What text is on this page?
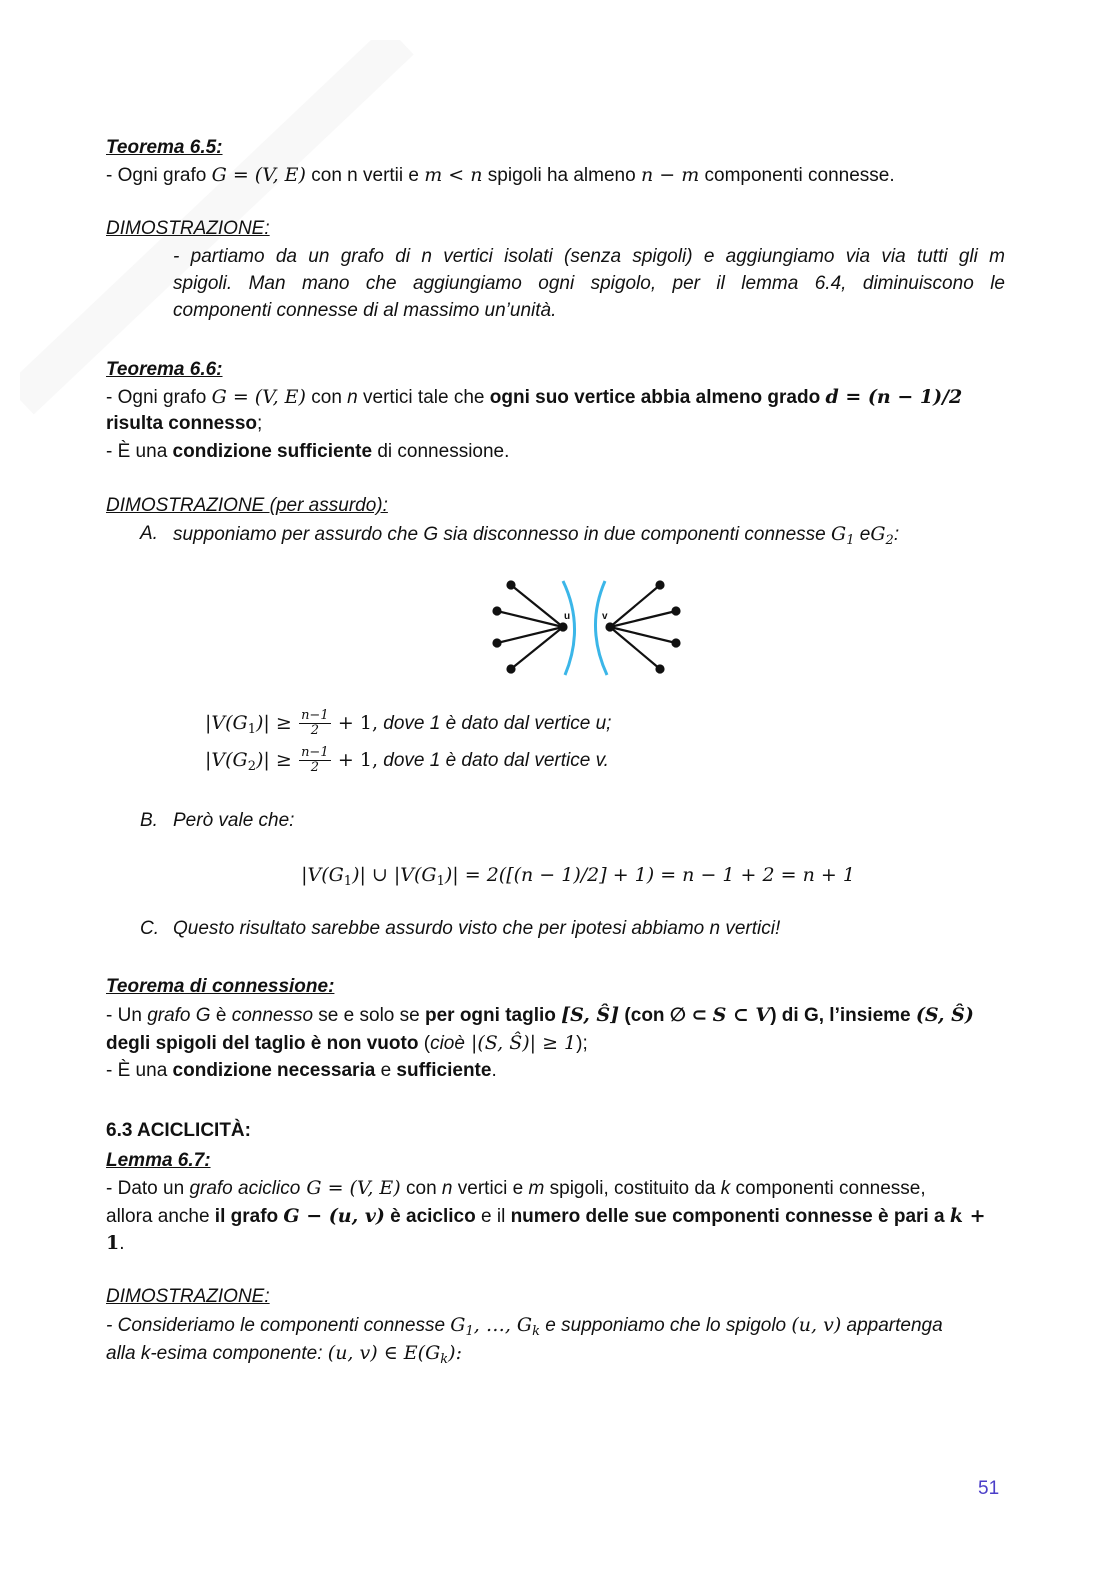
Teorema 6.5:
- Ogni grafo G = (V, E) con n vertii e m < n spigoli ha almeno n − m componenti connesse.
DIMOSTRAZIONE:
- partiamo da un grafo di n vertici isolati (senza spigoli) e aggiungiamo via via tutti gli m
spigoli. Man mano che aggiungiamo ogni spigolo, per il lemma 6.4, diminuiscono le
componenti connesse di al massimo un’unità.
Teorema 6.6:
- Ogni grafo G = (V, E) con n vertici tale che ogni suo vertice abbia almeno grado d = (n − 1)/2
risulta connesso;
- È una condizione sufficiente di connessione.
DIMOSTRAZIONE (per assurdo):
A. supponiamo per assurdo che G sia disconnesso in due componenti connesse $G_1$ $eG_2$:
u	v
$|V(G_1)| \ge \frac{n-1}{2} + 1$, dove 1 è dato dal vertice u;
$|V(G_2)| \ge \frac{n-1}{2} + 1$, dove 1 è dato dal vertice v.
B. Però vale che:
$|V(G_1)|$ ∪ $|V(G_1)| = 2([(n - 1)/2] + 1) = n - 1 + 2 = n + 1$
C. Questo risultato sarebbe assurdo visto che per ipotesi abbiamo n vertici!
Teorema di connessione:
- Un grafo G è connesso se e solo se per ogni taglio [S, Ŝ] (con ∅ ⊂ S ⊂ V) di G, l’insieme (S, Ŝ)
degli spigoli del taglio è non vuoto (cioè |(S, Ŝ)| ≥ 1);
- È una condizione necessaria e sufficiente.
6.3 ACICLICITÀ:
Lemma 6.7:
- Dato un grafo aciclico G = (V, E) con n vertici e m spigoli, costituito da k componenti connesse,
allora anche il grafo G − (u, v) è aciclico e il numero delle sue componenti connesse è pari a k +
1.
DIMOSTRAZIONE:
- Consideriamo le componenti connesse $G_1$, …, $G_k$ e supponiamo che lo spigolo (u, v) appartenga
alla k-esima componente: (u, v) ∈ $E(G_k)$:
51
